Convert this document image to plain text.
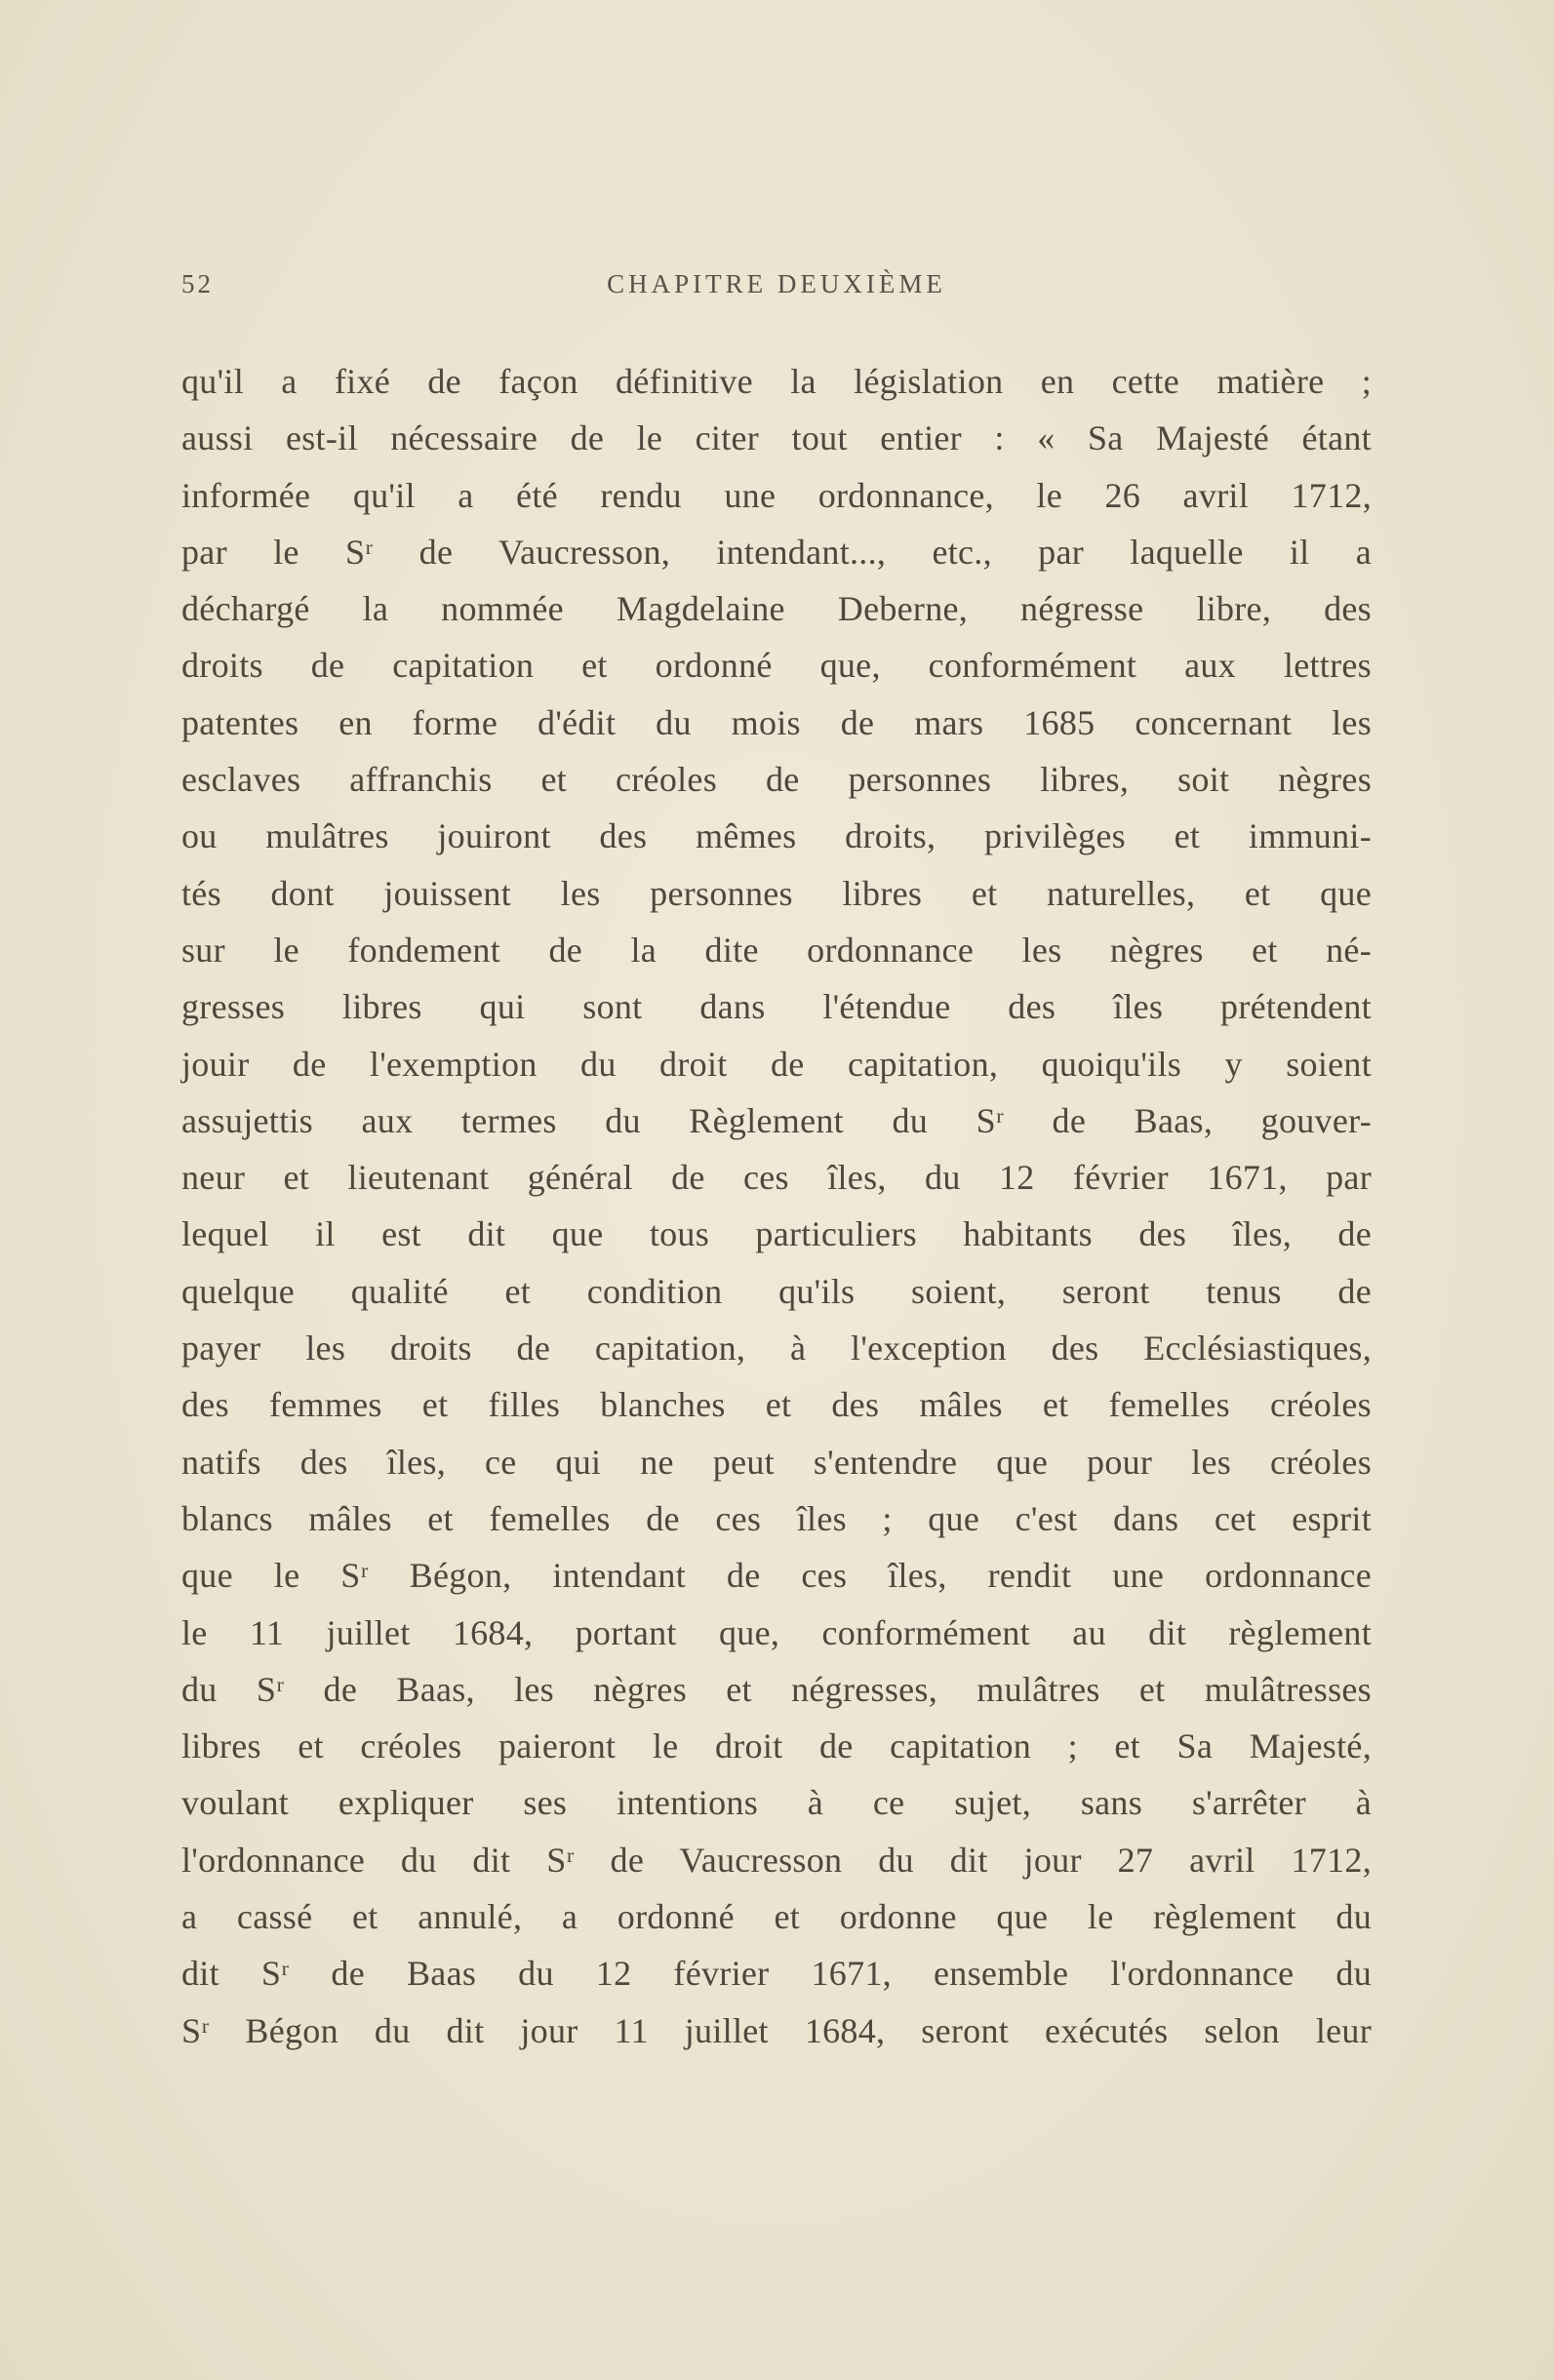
52	CHAPITRE DEUXIÈME
qu'il a fixé de façon définitive la législation en cette matière ;
aussi est-il nécessaire de le citer tout entier : « Sa Majesté étant
informée qu'il a été rendu une ordonnance, le 26 avril 1712,
par le Sʳ de Vaucresson, intendant..., etc., par laquelle il a
déchargé la nommée Magdelaine Deberne, négresse libre, des
droits de capitation et ordonné que, conformément aux lettres
patentes en forme d'édit du mois de mars 1685 concernant les
esclaves affranchis et créoles de personnes libres, soit nègres
ou mulâtres jouiront des mêmes droits, privilèges et immuni-
tés dont jouissent les personnes libres et naturelles, et que
sur le fondement de la dite ordonnance les nègres et né-
gresses libres qui sont dans l'étendue des îles prétendent
jouir de l'exemption du droit de capitation, quoiqu'ils y soient
assujettis aux termes du Règlement du Sʳ de Baas, gouver-
neur et lieutenant général de ces îles, du 12 février 1671, par
lequel il est dit que tous particuliers habitants des îles, de
quelque qualité et condition qu'ils soient, seront tenus de
payer les droits de capitation, à l'exception des Ecclésiastiques,
des femmes et filles blanches et des mâles et femelles créoles
natifs des îles, ce qui ne peut s'entendre que pour les créoles
blancs mâles et femelles de ces îles ; que c'est dans cet esprit
que le Sʳ Bégon, intendant de ces îles, rendit une ordonnance
le 11 juillet 1684, portant que, conformément au dit règlement
du Sʳ de Baas, les nègres et négresses, mulâtres et mulâtresses
libres et créoles paieront le droit de capitation ; et Sa Majesté,
voulant expliquer ses intentions à ce sujet, sans s'arrêter à
l'ordonnance du dit Sʳ de Vaucresson du dit jour 27 avril 1712,
a cassé et annulé, a ordonné et ordonne que le règlement du
dit Sʳ de Baas du 12 février 1671, ensemble l'ordonnance du
Sʳ Bégon du dit jour 11 juillet 1684, seront exécutés selon leur
